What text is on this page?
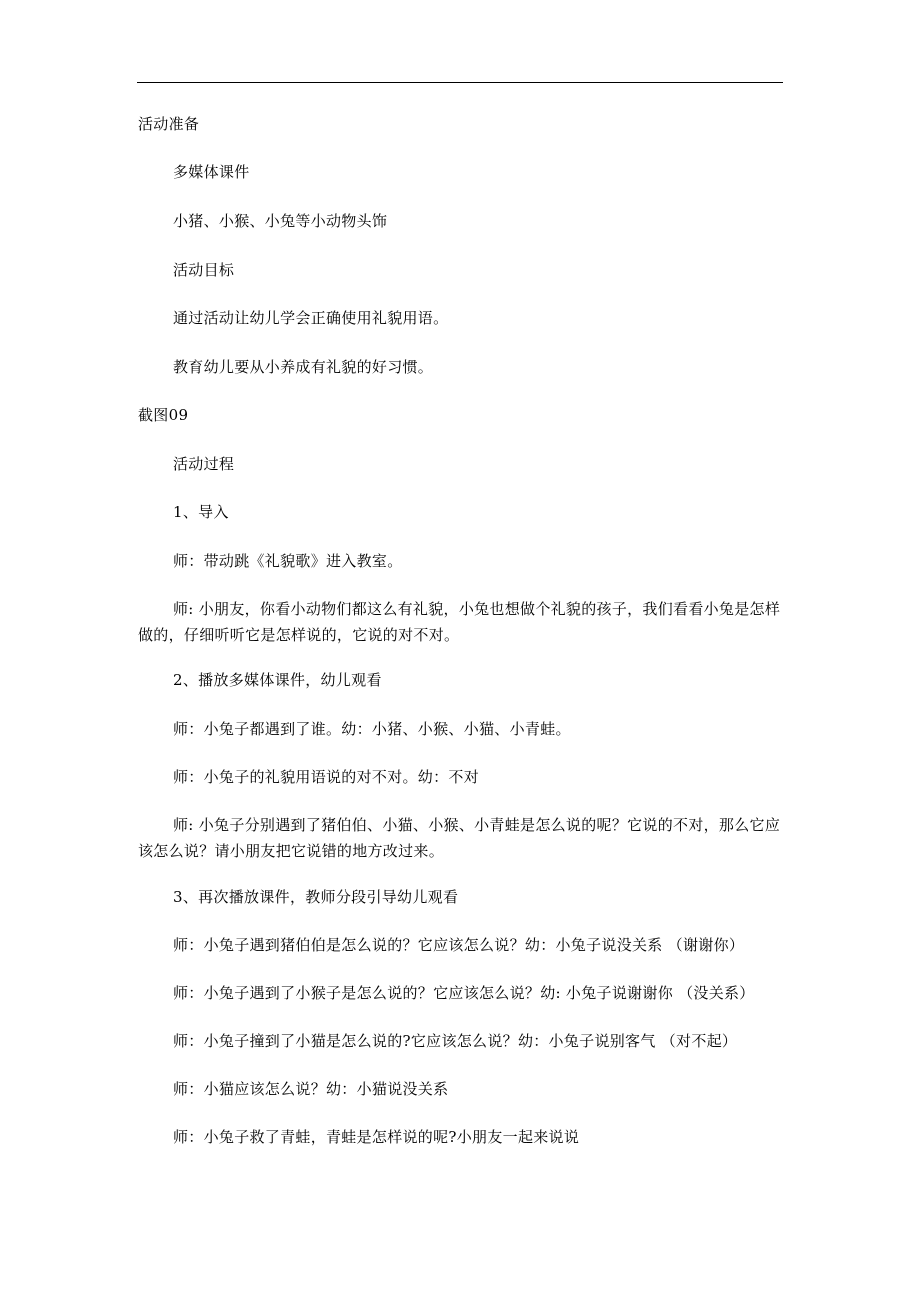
活动准备
多媒体课件
小猪、小猴、小兔等小动物头饰
活动目标
通过活动让幼儿学会正确使用礼貌用语。
教育幼儿要从小养成有礼貌的好习惯。
截图09
活动过程
1、导入
师：带动跳《礼貌歌》进入教室。
师: 小朋友，你看小动物们都这么有礼貌，小兔也想做个礼貌的孩子，我们看看小兔是怎样做的，仔细听听它是怎样说的，它说的对不对。
2、播放多媒体课件，幼儿观看
师：小兔子都遇到了谁。幼：小猪、小猴、小猫、小青蛙。
师：小兔子的礼貌用语说的对不对。幼：不对
师: 小兔子分别遇到了猪伯伯、小猫、小猴、小青蛙是怎么说的呢？它说的不对，那么它应该怎么说？请小朋友把它说错的地方改过来。
3、再次播放课件，教师分段引导幼儿观看
师：小兔子遇到猪伯伯是怎么说的？它应该怎么说？幼：小兔子说没关系 （谢谢你）
师：小兔子遇到了小猴子是怎么说的？它应该怎么说？幼: 小兔子说谢谢你 （没关系）
师：小兔子撞到了小猫是怎么说的?它应该怎么说？幼：小兔子说别客气 （对不起）
师：小猫应该怎么说？幼：小猫说没关系
师：小兔子救了青蛙，青蛙是怎样说的呢?小朋友一起来说说
